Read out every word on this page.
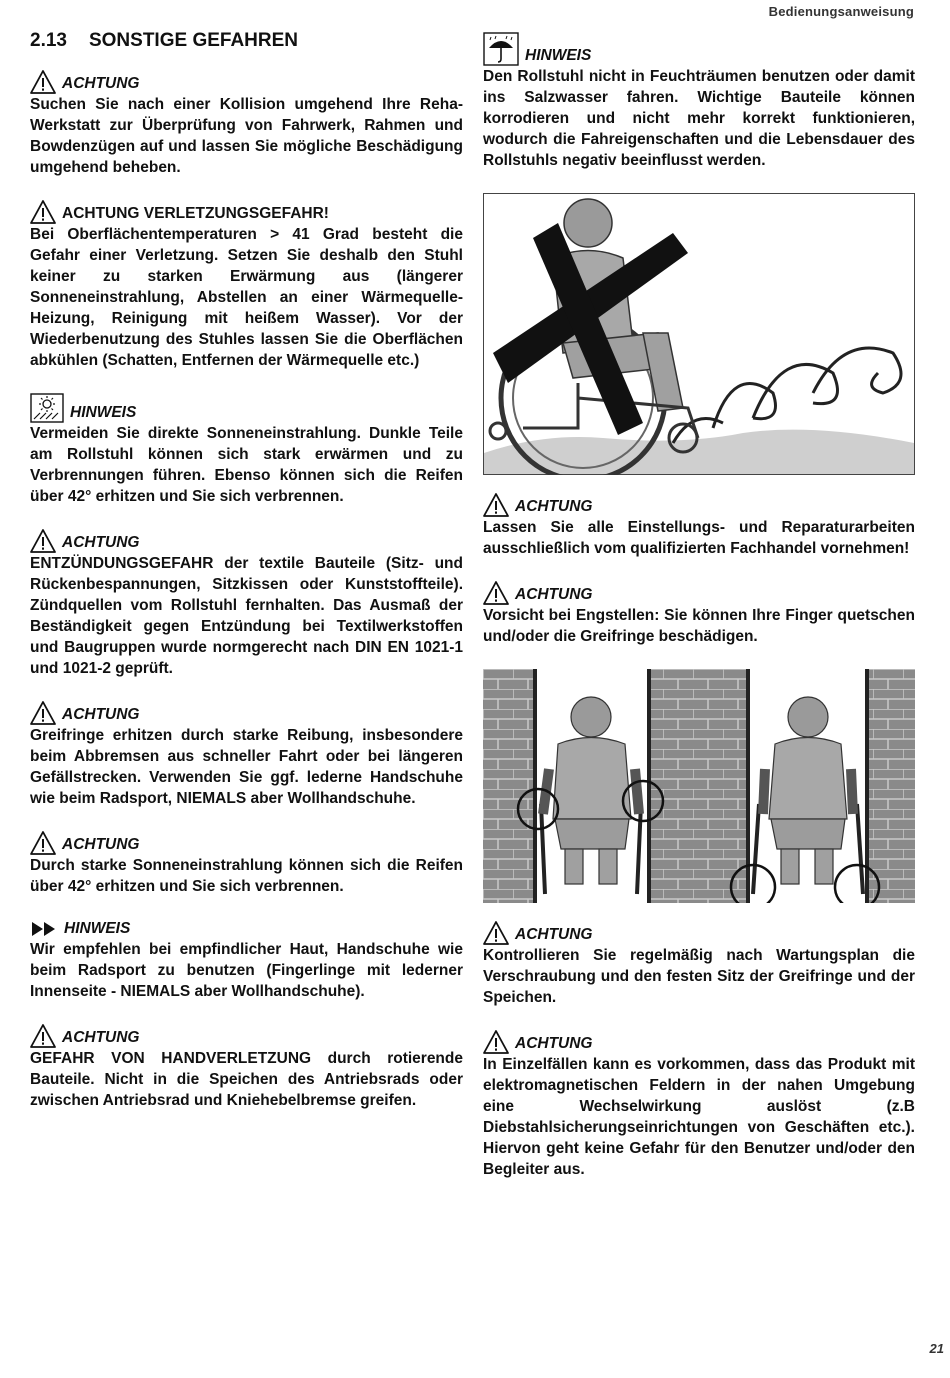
Bedienungsanweisung
2.13 SONSTIGE GEFAHREN
ACHTUNG
Suchen Sie nach einer Kollision umgehend Ihre Reha-Werkstatt zur Überprüfung von Fahrwerk, Rahmen und Bowdenzügen auf und lassen Sie mögliche Beschädigung umgehend beheben.
ACHTUNG VERLETZUNGSGEFAHR!
Bei Oberflächentemperaturen > 41 Grad besteht die Gefahr einer Verletzung. Setzen Sie deshalb den Stuhl keiner zu starken Erwärmung aus (längerer Sonneneinstrahlung, Abstellen an einer Wärmequelle-Heizung, Reinigung mit heißem Wasser). Vor der Wiederbenutzung des Stuhles lassen Sie die Oberflächen abkühlen (Schatten, Entfernen der Wärmequelle etc.)
HINWEIS
Vermeiden Sie direkte Sonneneinstrahlung. Dunkle Teile am Rollstuhl können sich stark erwärmen und zu Verbrennungen führen. Ebenso können sich die Reifen über 42° erhitzen und Sie sich verbrennen.
ACHTUNG
ENTZÜNDUNGSGEFAHR der textile Bauteile (Sitz- und Rückenbespannungen, Sitzkissen oder Kunststoffteile). Zündquellen vom Rollstuhl fernhalten. Das Ausmaß der Beständigkeit gegen Entzündung bei Textilwerkstoffen und Baugruppen wurde normgerecht nach DIN EN 1021-1 und 1021-2 geprüft.
ACHTUNG
Greifringe erhitzen durch starke Reibung, insbesondere beim Abbremsen aus schneller Fahrt oder bei längeren Gefällstrecken. Verwenden Sie ggf. lederne Handschuhe wie beim Radsport, NIEMALS aber Wollhandschuhe.
ACHTUNG
Durch starke Sonneneinstrahlung können sich die Reifen über 42° erhitzen und Sie sich verbrennen.
HINWEIS
Wir empfehlen bei empfindlicher Haut, Handschuhe wie beim Radsport zu benutzen (Fingerlinge mit lederner Innenseite - NIEMALS aber Wollhandschuhe).
ACHTUNG
GEFAHR VON HANDVERLETZUNG durch rotierende Bauteile. Nicht in die Speichen des Antriebsrads oder zwischen Antriebsrad und Kniehebelbremse greifen.
HINWEIS
Den Rollstuhl nicht in Feuchträumen benutzen oder damit ins Salzwasser fahren. Wichtige Bauteile können korrodieren und nicht mehr korrekt funktionieren, wodurch die Fahreigenschaften und die Lebensdauer des Rollstuhls negativ beeinflusst werden.
ACHTUNG
Lassen Sie alle Einstellungs- und Reparaturarbeiten ausschließlich vom qualifizierten Fachhandel vornehmen!
ACHTUNG
Vorsicht bei Engstellen: Sie können Ihre Finger quetschen und/oder die Greifringe beschädigen.
ACHTUNG
Kontrollieren Sie regelmäßig nach Wartungsplan die Verschraubung und den festen Sitz der Greifringe und der Speichen.
ACHTUNG
In Einzelfällen kann es vorkommen, dass das Produkt mit elektromagnetischen Feldern in der nahen Umgebung eine Wechselwirkung auslöst (z.B Diebstahlsicherungseinrichtungen von Geschäften etc.). Hiervon geht keine Gefahr für den Benutzer und/oder den Begleiter aus.
21
